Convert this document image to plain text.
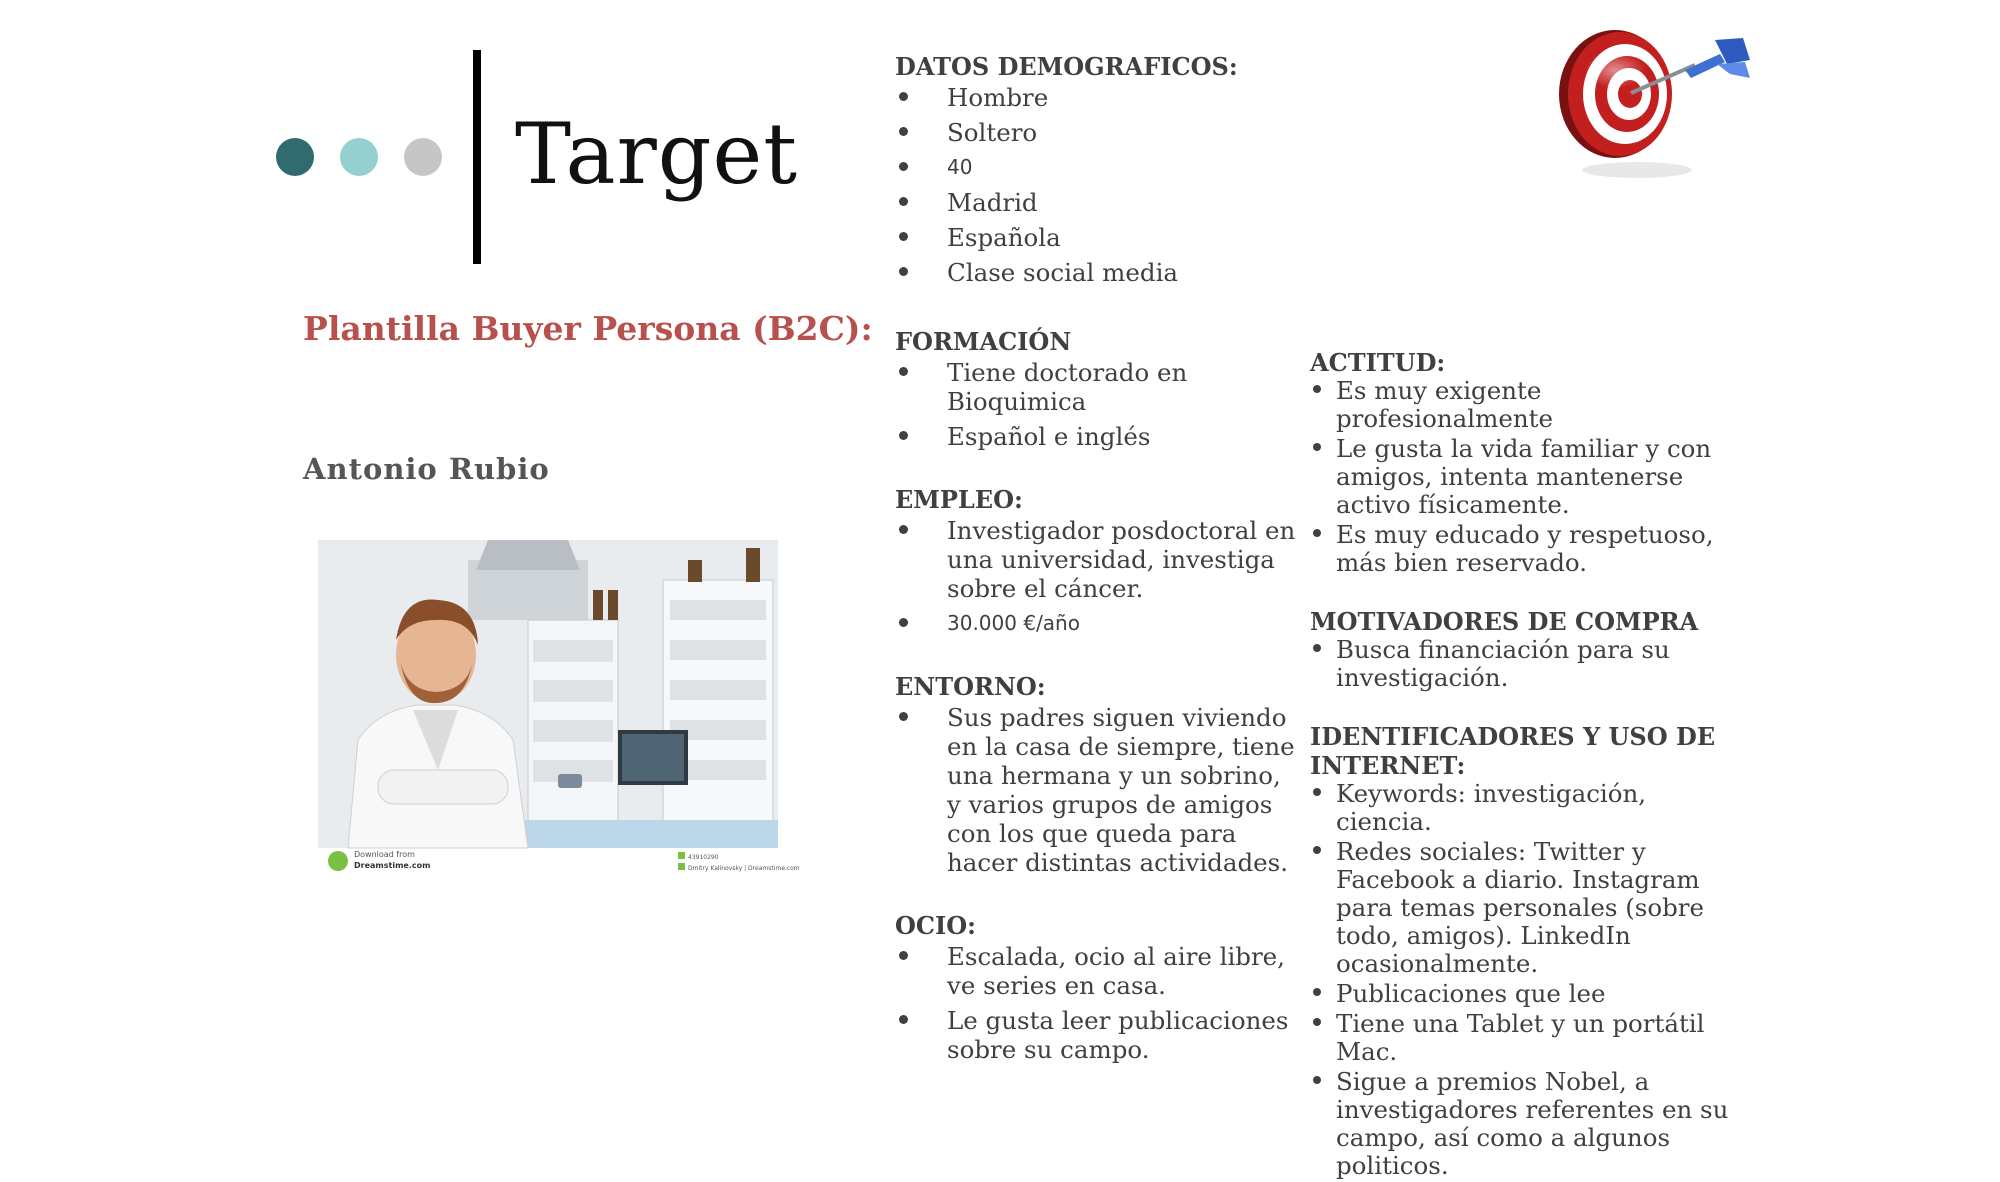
Target
Plantilla Buyer Persona (B2C):
Antonio Rubio
Download from
Dreamstime.com
43910290
Dmitry Kalinovsky | Dreamstime.com

DATOS DEMOGRAFICOS:

Hombre
Soltero
40
Madrid
Española
Clase social media

FORMACIÓN

Tiene doctorado en Bioquimica
Español e inglés

EMPLEO:

Investigador posdoctoral en una universidad, investiga sobre el cáncer.
30.000 €/año

ENTORNO:

Sus padres siguen viviendo en la casa de siempre, tiene una hermana y un sobrino, y varios grupos de amigos con los que queda para hacer distintas actividades.

OCIO:

Escalada, ocio al aire libre, ve series en casa.
Le gusta leer publicaciones sobre su campo.

ACTITUD:

Es muy exigente profesionalmente
Le gusta la vida familiar y con amigos, intenta mantenerse activo físicamente.
Es muy educado y respetuoso, más bien reservado.

MOTIVADORES DE COMPRA

Busca financiación para su investigación.

IDENTIFICADORES Y USO DE INTERNET:

Keywords: investigación, ciencia.
Redes sociales: Twitter y Facebook a diario. Instagram para temas personales (sobre todo, amigos). LinkedIn ocasionalmente.
Publicaciones que lee
Tiene una Tablet y un portátil Mac.
Sigue a premios Nobel, a investigadores referentes en su campo, así como a algunos politicos.
